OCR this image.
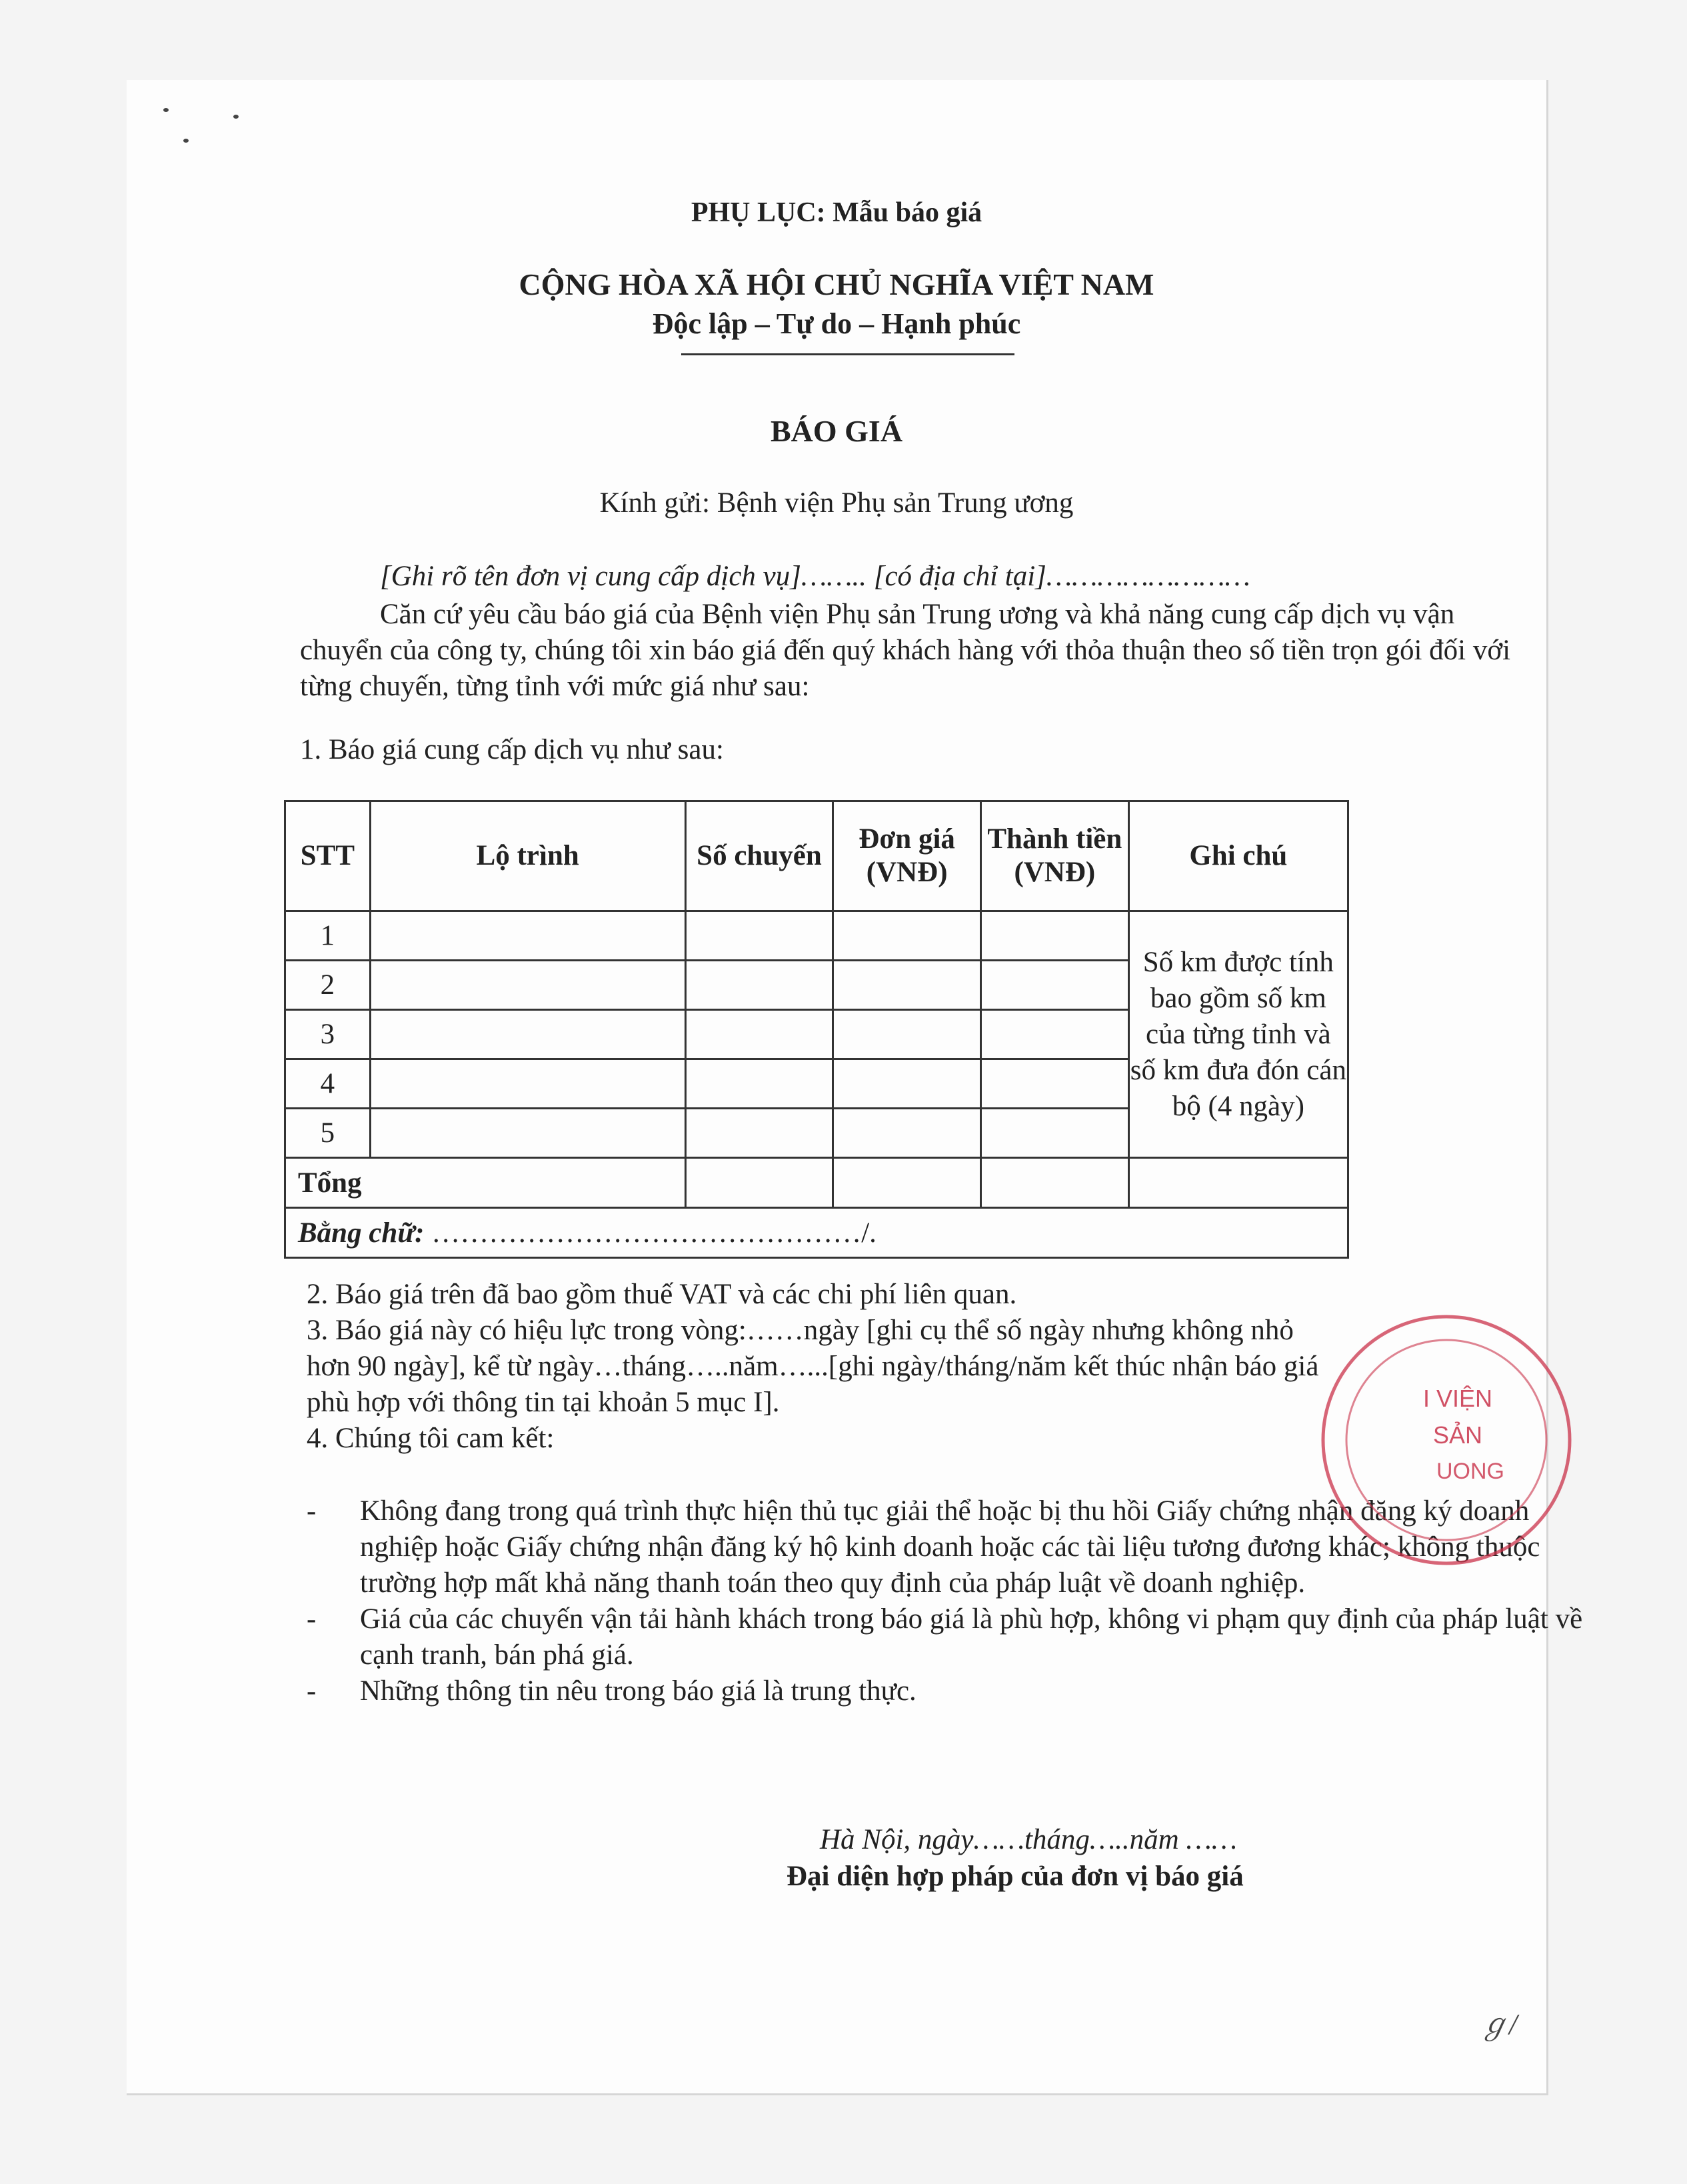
PHỤ LỤC: Mẫu báo giá
CỘNG HÒA XÃ HỘI CHỦ NGHĨA VIỆT NAM
Độc lập – Tự do – Hạnh phúc
BÁO GIÁ
Kính gửi: Bệnh viện Phụ sản Trung ương
[Ghi rõ tên đơn vị cung cấp dịch vụ]…….. [có địa chỉ tại]……………………
Căn cứ yêu cầu báo giá của Bệnh viện Phụ sản Trung ương và khả năng cung cấp dịch vụ vận chuyển của công ty, chúng tôi xin báo giá đến quý khách hàng với thỏa thuận theo số tiền trọn gói đối với từng chuyến, từng tỉnh với mức giá như sau:
1. Báo giá cung cấp dịch vụ như sau:
STT	Lộ trình	Số chuyến	Đơn giá (VNĐ)	Thành tiền (VNĐ)	Ghi chú
1					Số km được tính bao gồm số km của từng tỉnh và số km đưa đón cán bộ (4 ngày)
2					
3					
4					
5					
Tổng					
Bằng chữ: ………………………………………/.					
2. Báo giá trên đã bao gồm thuế VAT và các chi phí liên quan.
3. Báo giá này có hiệu lực trong vòng:……ngày [ghi cụ thể số ngày nhưng không nhỏ
hơn 90 ngày], kể từ ngày…tháng…..năm…...[ghi ngày/tháng/năm kết thúc nhận báo giá
phù hợp với thông tin tại khoản 5 mục I].
4. Chúng tôi cam kết:
- Không đang trong quá trình thực hiện thủ tục giải thể hoặc bị thu hồi Giấy chứng nhận đăng ký doanh nghiệp hoặc Giấy chứng nhận đăng ký hộ kinh doanh hoặc các tài liệu tương đương khác; không thuộc trường hợp mất khả năng thanh toán theo quy định của pháp luật về doanh nghiệp.
- Giá của các chuyến vận tải hành khách trong báo giá là phù hợp, không vi phạm quy định của pháp luật về cạnh tranh, bán phá giá.
- Những thông tin nêu trong báo giá là trung thực.
Hà Nội, ngày……tháng…..năm ……
Đại diện hợp pháp của đơn vị báo giá
I VIỆN
SẢN
UONG
ℊ/
